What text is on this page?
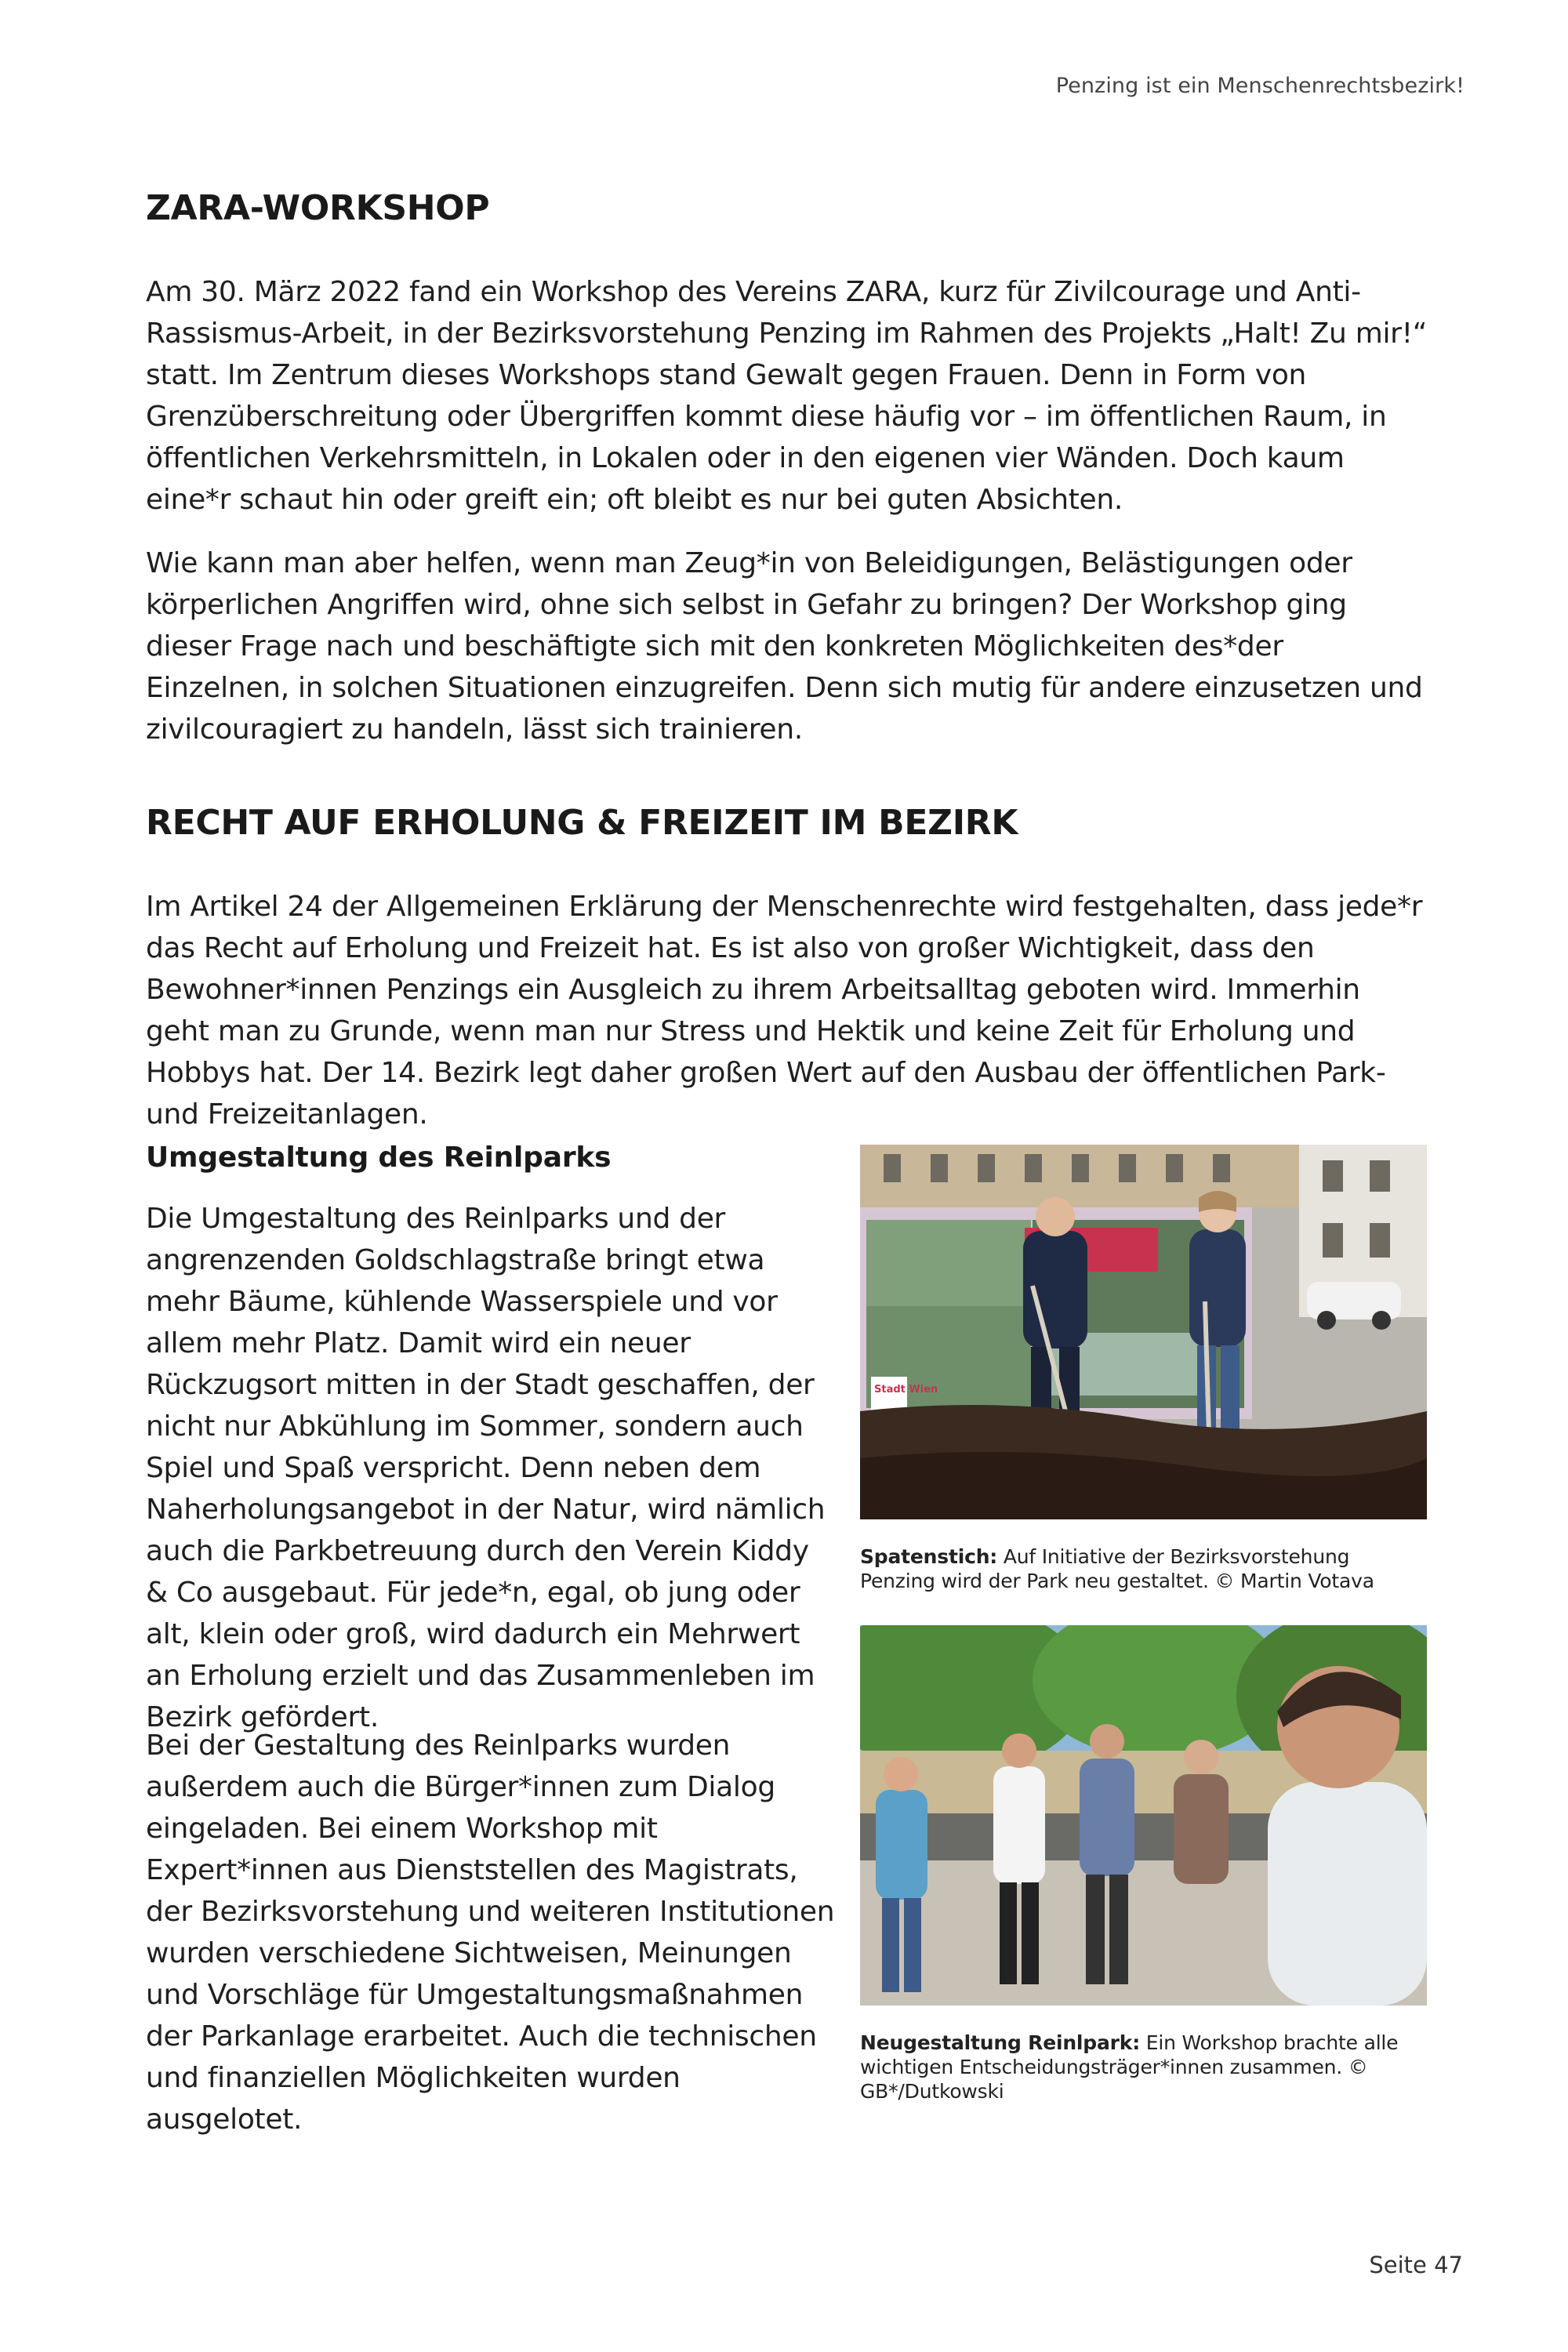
Penzing ist ein Menschenrechtsbezirk!
ZARA-WORKSHOP

Am 30. März 2022 fand ein Workshop des Vereins ZARA, kurz für Zivilcourage und Anti-Rassismus-Arbeit, in der Bezirksvorstehung Penzing im Rahmen des Projekts „Halt! Zu mir!“ statt. Im Zentrum dieses Workshops stand Gewalt gegen Frauen. Denn in Form von Grenzüberschreitung oder Übergriffen kommt diese häufig vor – im öffentlichen Raum, in öffentlichen Verkehrsmitteln, in Lokalen oder in den eigenen vier Wänden. Doch kaum eine*r schaut hin oder greift ein; oft bleibt es nur bei guten Absichten.

Wie kann man aber helfen, wenn man Zeug*in von Beleidigungen, Belästigungen oder körperlichen Angriffen wird, ohne sich selbst in Gefahr zu bringen? Der Workshop ging dieser Frage nach und beschäftigte sich mit den konkreten Möglichkeiten des*der Einzelnen, in solchen Situationen einzugreifen. Denn sich mutig für andere einzusetzen und zivilcouragiert zu handeln, lässt sich trainieren.

RECHT AUF ERHOLUNG & FREIZEIT IM BEZIRK

Im Artikel 24 der Allgemeinen Erklärung der Menschenrechte wird festgehalten, dass jede*r das Recht auf Erholung und Freizeit hat. Es ist also von großer Wichtigkeit, dass den Bewohner*innen Penzings ein Ausgleich zu ihrem Arbeitsalltag geboten wird. Immerhin geht man zu Grunde, wenn man nur Stress und Hektik und keine Zeit für Erholung und Hobbys hat. Der 14. Bezirk legt daher großen Wert auf den Ausbau der öffentlichen Park- und Freizeitanlagen.

Umgestaltung des Reinlparks

Die Umgestaltung des Reinlparks und der angrenzenden Goldschlagstraße bringt etwa mehr Bäume, kühlende Wasserspiele und vor allem mehr Platz. Damit wird ein neuer Rückzugsort mitten in der Stadt geschaffen, der nicht nur Abkühlung im Sommer, sondern auch Spiel und Spaß verspricht. Denn neben dem Naherholungsangebot in der Natur, wird nämlich auch die Parkbetreuung durch den Verein Kiddy & Co ausgebaut. Für jede*n, egal, ob jung oder alt, klein oder groß, wird dadurch ein Mehrwert an Erholung erzielt und das Zusammenleben im Bezirk gefördert.

Bei der Gestaltung des Reinlparks wurden außerdem auch die Bürger*innen zum Dialog eingeladen. Bei einem Workshop mit Expert*innen aus Dienststellen des Magistrats, der Bezirksvorstehung und weiteren Institutionen wurden verschiedene Sichtweisen, Meinungen und Vorschläge für Umgestaltungsmaßnahmen der Parkanlage erarbeitet. Auch die technischen und finanziellen Möglichkeiten wurden ausgelotet.

Stadt Wien

Spatenstich: Auf Initiative der Bezirksvorstehung Penzing wird der Park neu gestaltet. © Martin Votava

Neugestaltung Reinlpark: Ein Workshop brachte alle wichtigen Entscheidungsträger*innen zusammen. © GB*/Dutkowski

Seite 47
